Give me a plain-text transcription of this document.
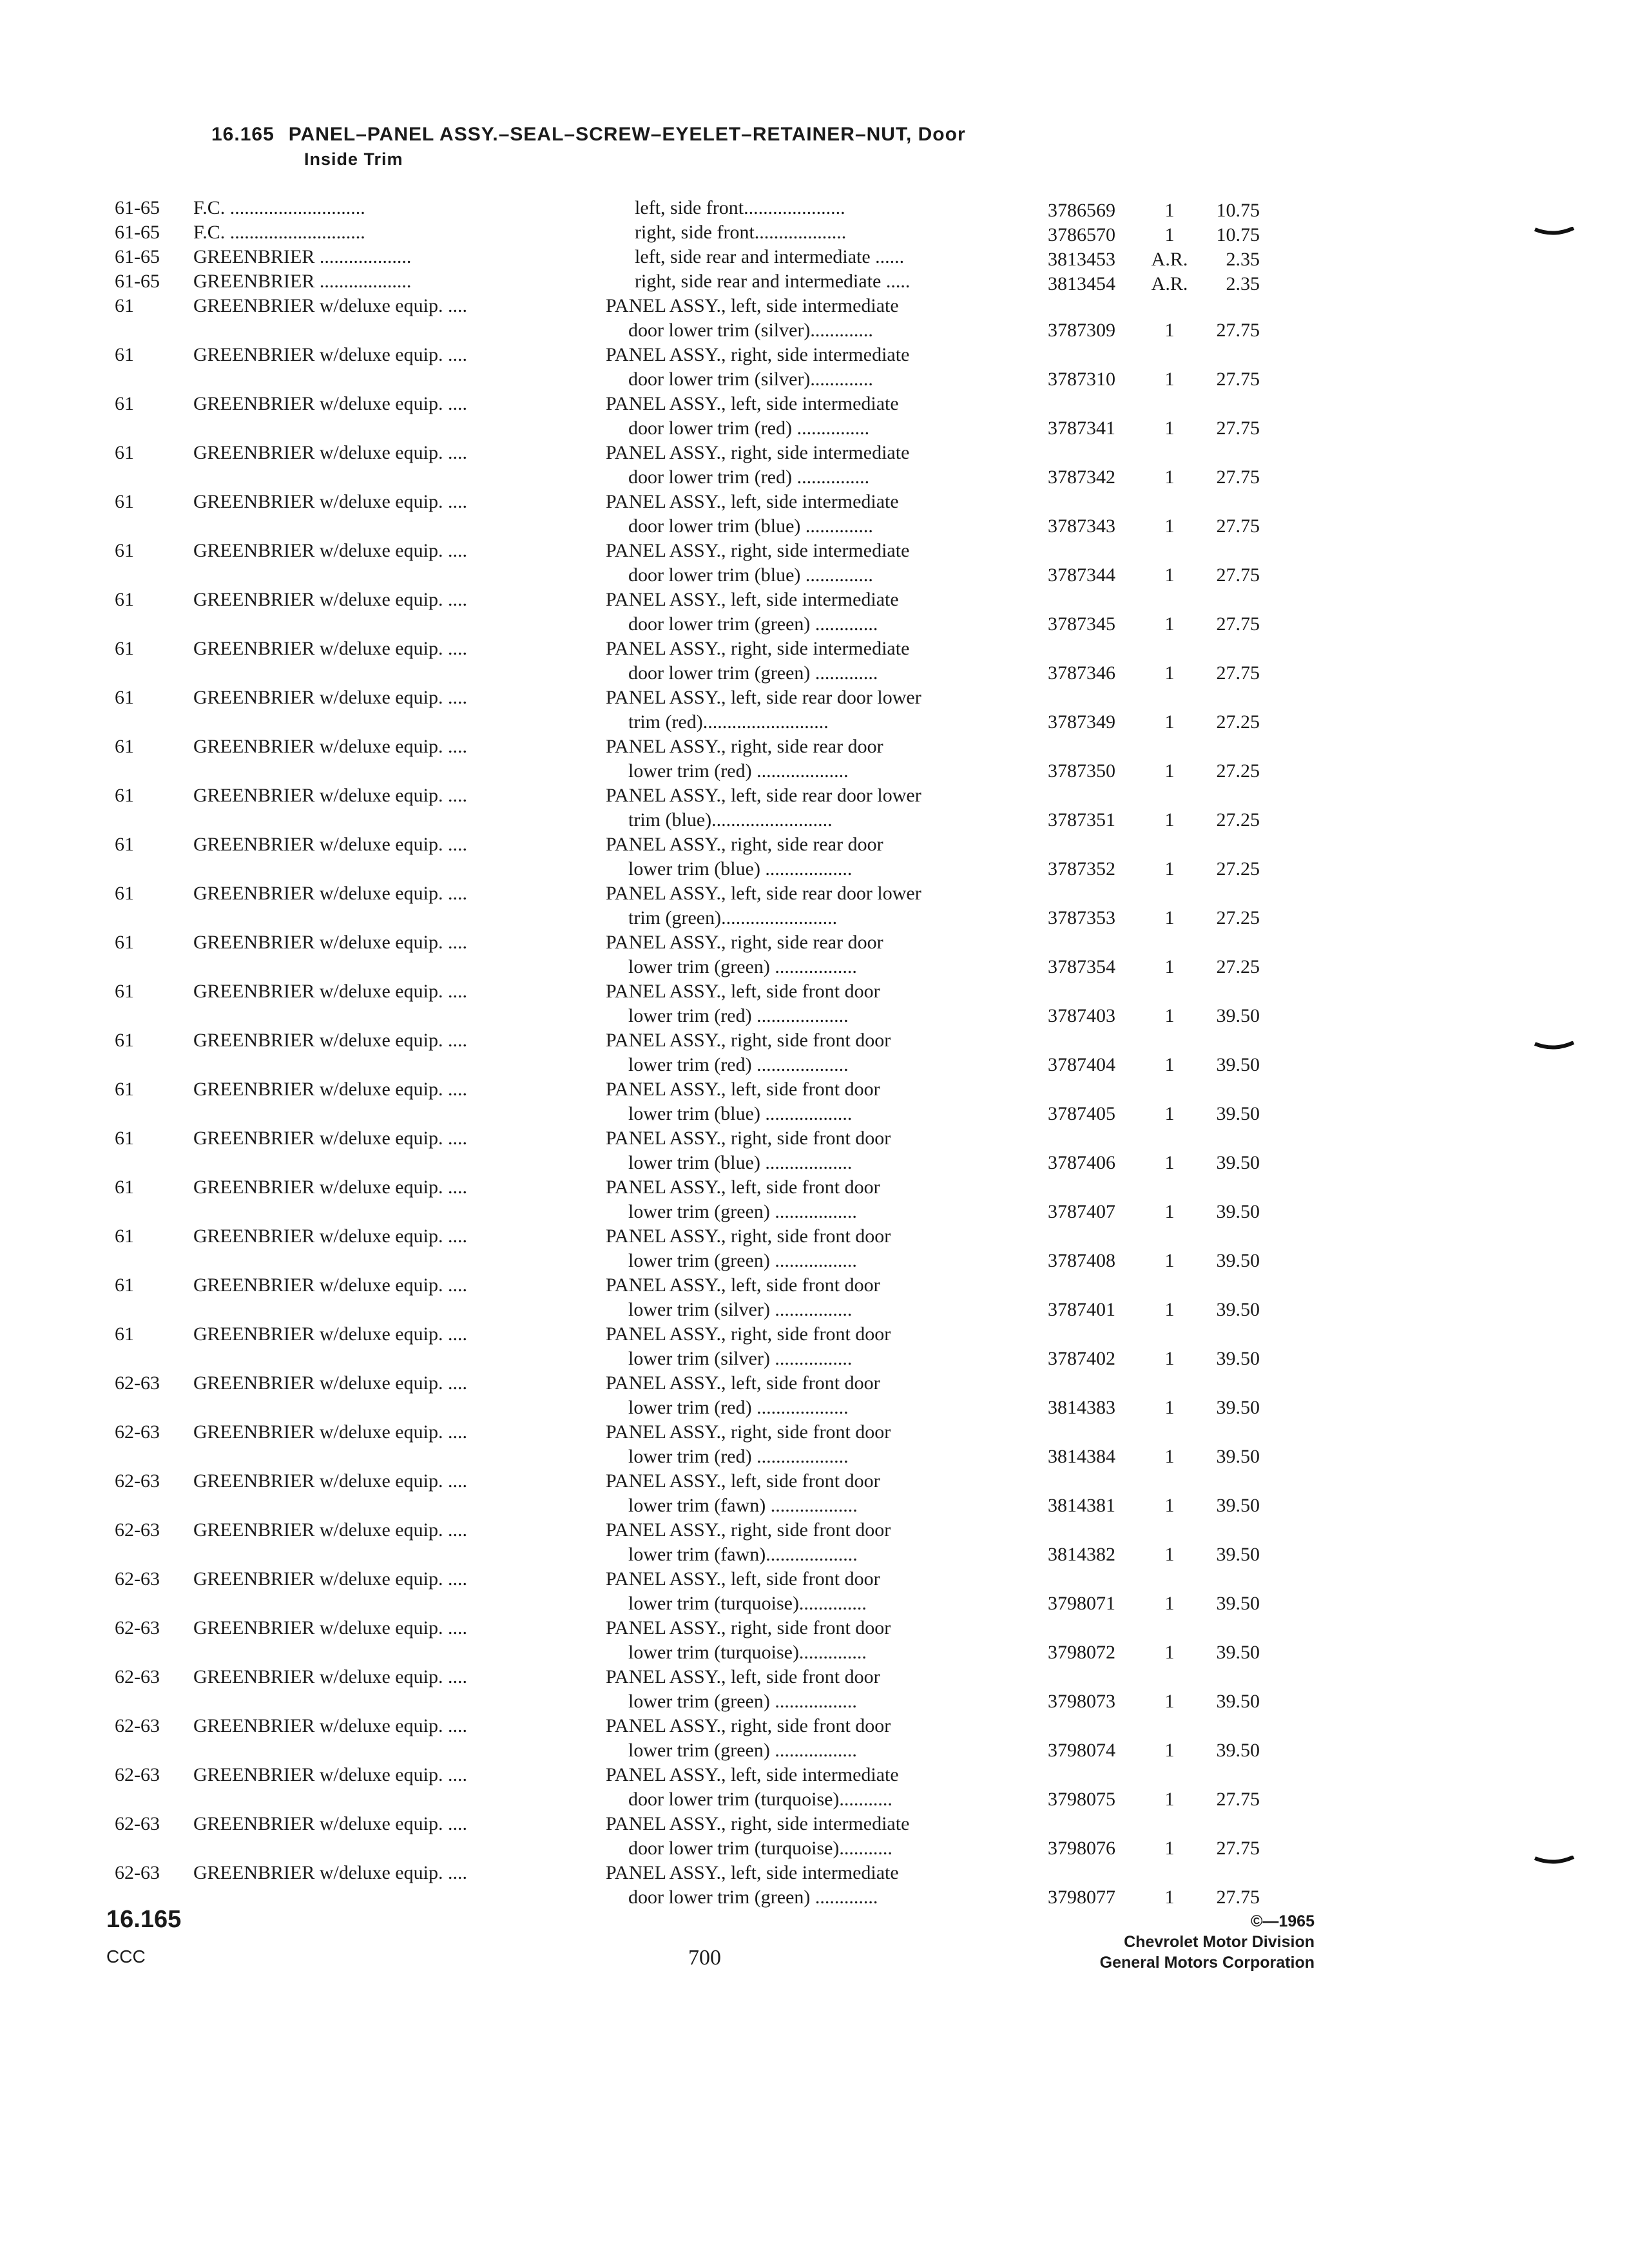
16.165 PANEL–PANEL ASSY.–SEAL–SCREW–EYELET–RETAINER–NUT, Door
Inside Trim
61-65 F.C. ............................	left, side front.....................	3786569	1	10.75
61-65 F.C. ............................	right, side front...................	3786570	1	10.75
61-65 GREENBRIER ...................	left, side rear and intermediate ......	3813453	A.R.	2.35
61-65 GREENBRIER ...................	right, side rear and intermediate .....	3813454	A.R.	2.35
61	GREENBRIER w/deluxe equip. ....	PANEL ASSY., left, side intermediate
door lower trim (silver).............	3787309	1	27.75
61	GREENBRIER w/deluxe equip. ....	PANEL ASSY., right, side intermediate
door lower trim (silver).............	3787310	1	27.75
61	GREENBRIER w/deluxe equip. ....	PANEL ASSY., left, side intermediate
door lower trim (red) ...............	3787341	1	27.75
61	GREENBRIER w/deluxe equip. ....	PANEL ASSY., right, side intermediate
door lower trim (red) ...............	3787342	1	27.75
61	GREENBRIER w/deluxe equip. ....	PANEL ASSY., left, side intermediate
door lower trim (blue) ..............	3787343	1	27.75
61	GREENBRIER w/deluxe equip. ....	PANEL ASSY., right, side intermediate
door lower trim (blue) ..............	3787344	1	27.75
61	GREENBRIER w/deluxe equip. ....	PANEL ASSY., left, side intermediate
door lower trim (green) .............	3787345	1	27.75
61	GREENBRIER w/deluxe equip. ....	PANEL ASSY., right, side intermediate
door lower trim (green) .............	3787346	1	27.75
61	GREENBRIER w/deluxe equip. ....	PANEL ASSY., left, side rear door lower
trim (red)..........................	3787349	1	27.25
61	GREENBRIER w/deluxe equip. ....	PANEL ASSY., right, side rear door
lower trim (red) ...................	3787350	1	27.25
61	GREENBRIER w/deluxe equip. ....	PANEL ASSY., left, side rear door lower
trim (blue).........................	3787351	1	27.25
61	GREENBRIER w/deluxe equip. ....	PANEL ASSY., right, side rear door
lower trim (blue) ..................	3787352	1	27.25
61	GREENBRIER w/deluxe equip. ....	PANEL ASSY., left, side rear door lower
trim (green)........................	3787353	1	27.25
61	GREENBRIER w/deluxe equip. ....	PANEL ASSY., right, side rear door
lower trim (green) .................	3787354	1	27.25
61	GREENBRIER w/deluxe equip. ....	PANEL ASSY., left, side front door
lower trim (red) ...................	3787403	1	39.50
61	GREENBRIER w/deluxe equip. ....	PANEL ASSY., right, side front door
lower trim (red) ...................	3787404	1	39.50
61	GREENBRIER w/deluxe equip. ....	PANEL ASSY., left, side front door
lower trim (blue) ..................	3787405	1	39.50
61	GREENBRIER w/deluxe equip. ....	PANEL ASSY., right, side front door
lower trim (blue) ..................	3787406	1	39.50
61	GREENBRIER w/deluxe equip. ....	PANEL ASSY., left, side front door
lower trim (green) .................	3787407	1	39.50
61	GREENBRIER w/deluxe equip. ....	PANEL ASSY., right, side front door
lower trim (green) .................	3787408	1	39.50
61	GREENBRIER w/deluxe equip. ....	PANEL ASSY., left, side front door
lower trim (silver) ................	3787401	1	39.50
61	GREENBRIER w/deluxe equip. ....	PANEL ASSY., right, side front door
lower trim (silver) ................	3787402	1	39.50
62-63 GREENBRIER w/deluxe equip. ....	PANEL ASSY., left, side front door
lower trim (red) ...................	3814383	1	39.50
62-63 GREENBRIER w/deluxe equip. ....	PANEL ASSY., right, side front door
lower trim (red) ...................	3814384	1	39.50
62-63 GREENBRIER w/deluxe equip. ....	PANEL ASSY., left, side front door
lower trim (fawn) ..................	3814381	1	39.50
62-63 GREENBRIER w/deluxe equip. ....	PANEL ASSY., right, side front door
lower trim (fawn)...................	3814382	1	39.50
62-63 GREENBRIER w/deluxe equip. ....	PANEL ASSY., left, side front door
lower trim (turquoise)..............	3798071	1	39.50
62-63 GREENBRIER w/deluxe equip. ....	PANEL ASSY., right, side front door
lower trim (turquoise)..............	3798072	1	39.50
62-63 GREENBRIER w/deluxe equip. ....	PANEL ASSY., left, side front door
lower trim (green) .................	3798073	1	39.50
62-63 GREENBRIER w/deluxe equip. ....	PANEL ASSY., right, side front door
lower trim (green) .................	3798074	1	39.50
62-63 GREENBRIER w/deluxe equip. ....	PANEL ASSY., left, side intermediate
door lower trim (turquoise)...........	3798075	1	27.75
62-63 GREENBRIER w/deluxe equip. ....	PANEL ASSY., right, side intermediate
door lower trim (turquoise)...........	3798076	1	27.75
62-63 GREENBRIER w/deluxe equip. ....	PANEL ASSY., left, side intermediate
door lower trim (green) .............	3798077	1	27.75
16.165
CCC	700
©—1965
Chevrolet Motor Division
General Motors Corporation
